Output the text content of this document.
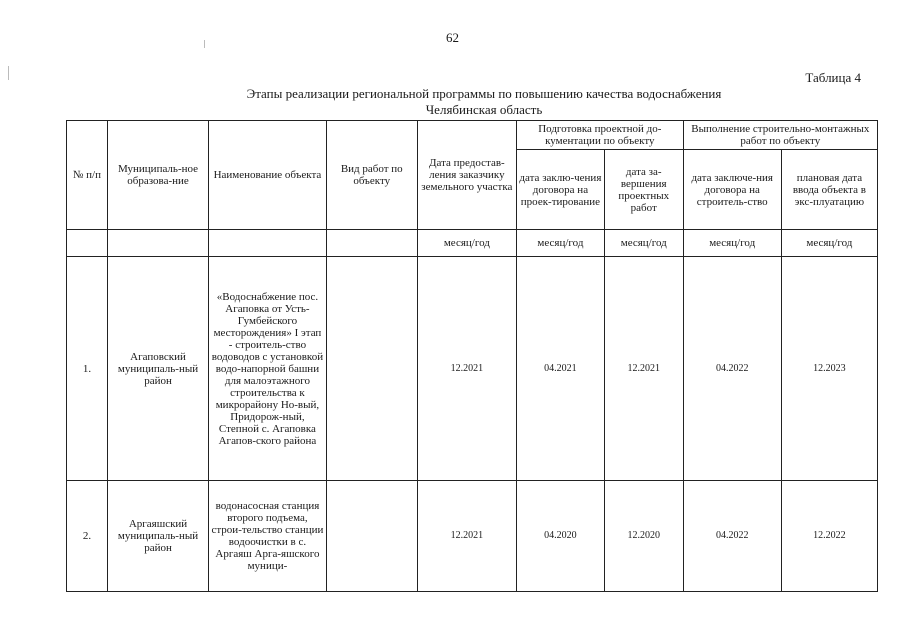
62
Таблица 4
Этапы реализации региональной программы по повышению качества водоснабжения
Челябинская область
№ п/п	Муниципаль-ное образова-ние	Наименование объекта	Вид работ по объекту	Дата предостав-ления заказчику земельного участка	Подготовка проектной до-кументации по объекту		Выполнение строительно-монтажных работ по объекту	
					дата заклю-чения договора на проек-тирование	дата за-вершения проектных работ	дата заключе-ния договора на строитель-ство	плановая дата ввода объекта в экс-плуатацию
				месяц/год	месяц/год	месяц/год	месяц/год	месяц/год
1.	Агаповский муниципаль-ный район	«Водоснабжение пос. Агаповка от Усть-Гумбейского месторождения» I этап - строитель-ство водоводов с установкой водо-напорной башни для малоэтажного строительства к микрорайону Но-вый, Придорож-ный, Степной с. Агаповка Агапов-ского района		12.2021	04.2021	12.2021	04.2022	12.2023
2.	Аргаяшский муниципаль-ный район	водонасосная станция второго подъема, строи-тельство станции водоочистки в с. Аргаяш Арга-яшского муници-		12.2021	04.2020	12.2020	04.2022	12.2022
